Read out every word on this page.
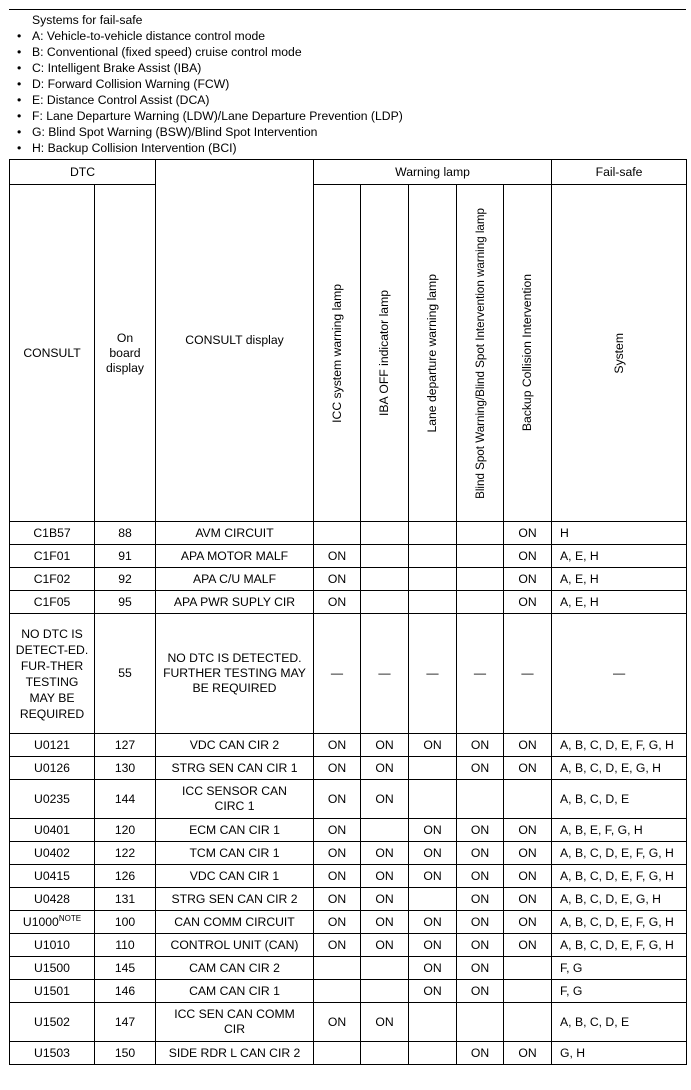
Systems for fail-safe
• A: Vehicle-to-vehicle distance control mode
• B: Conventional (fixed speed) cruise control mode
• C: Intelligent Brake Assist (IBA)
• D: Forward Collision Warning (FCW)
• E: Distance Control Assist (DCA)
• F: Lane Departure Warning (LDW)/Lane Departure Prevention (LDP)
• G: Blind Spot Warning (BSW)/Blind Spot Intervention
• H: Backup Collision Intervention (BCI)
DTC		CONSULT display	Warning lamp					Fail-safe
CONSULT	On board display		ICC system warning lamp	IBA OFF indicator lamp	Lane departure warning lamp	Blind Spot Warning/Blind Spot Intervention warning lamp	Backup Collision Intervention	System

C1B57	88	AVM CIRCUIT					ON	H
C1F01	91	APA MOTOR MALF	ON				ON	A, E, H
C1F02	92	APA C/U MALF	ON				ON	A, E, H
C1F05	95	APA PWR SUPLY CIR	ON				ON	A, E, H
NO DTC IS DETECT-ED. FUR-THER TESTING MAY BE REQUIRED	55	NO DTC IS DETECTED. FURTHER TESTING MAY BE REQUIRED	—	—	—	—	—	—
U0121	127	VDC CAN CIR 2	ON	ON	ON	ON	ON	A, B, C, D, E, F, G, H
U0126	130	STRG SEN CAN CIR 1	ON	ON		ON	ON	A, B, C, D, E, G, H
U0235	144	ICC SENSOR CAN CIRC 1	ON	ON				A, B, C, D, E
U0401	120	ECM CAN CIR 1	ON		ON	ON	ON	A, B, E, F, G, H
U0402	122	TCM CAN CIR 1	ON	ON	ON	ON	ON	A, B, C, D, E, F, G, H
U0415	126	VDC CAN CIR 1	ON	ON	ON	ON	ON	A, B, C, D, E, F, G, H
U0428	131	STRG SEN CAN CIR 2	ON	ON		ON	ON	A, B, C, D, E, G, H
$U1000^{NOTE}$	100	CAN COMM CIRCUIT	ON	ON	ON	ON	ON	A, B, C, D, E, F, G, H
U1010	110	CONTROL UNIT (CAN)	ON	ON	ON	ON	ON	A, B, C, D, E, F, G, H
U1500	145	CAM CAN CIR 2			ON	ON		F, G
U1501	146	CAM CAN CIR 1			ON	ON		F, G
U1502	147	ICC SEN CAN COMM CIR	ON	ON				A, B, C, D, E
U1503	150	SIDE RDR L CAN CIR 2				ON	ON	G, H
